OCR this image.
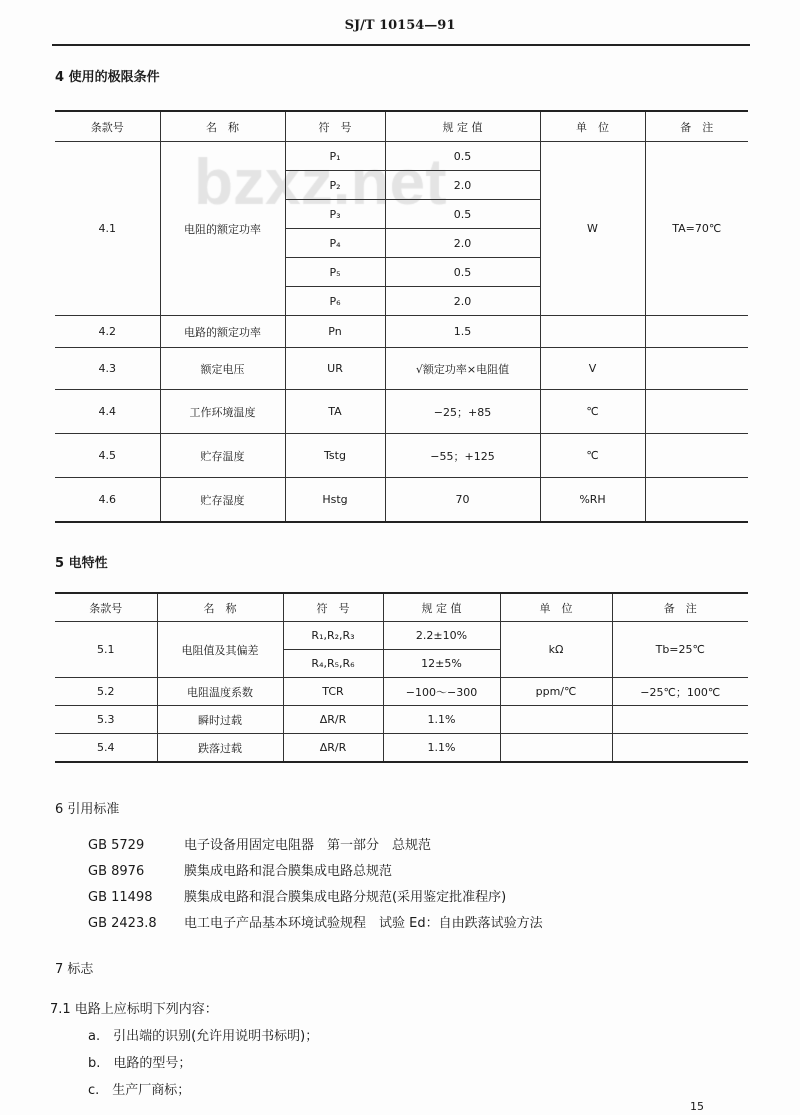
SJ/T 10154—91
4 使用的极限条件
条款号	名　称	符　号	规 定 值	单　位	备　注
4.1	电阻的额定功率	P₁	0.5	W	TA=70℃
		P₂	2.0		
		P₃	0.5		
		P₄	2.0		
		P₅	0.5		
		P₆	2.0		
4.2	电路的额定功率	Pn	1.5		
4.3	额定电压	UR	√额定功率×电阻值	V	
4.4	工作环境温度	TA	−25；+85	℃	
4.5	贮存温度	Tstg	−55；+125	℃	
4.6	贮存湿度	Hstg	70	%RH	
5 电特性
条款号	名　称	符　号	规 定 值	单　位	备　注
5.1	电阻值及其偏差	R₁,R₂,R₃	2.2±10%	kΩ	Tb=25℃
		R₄,R₅,R₆	12±5%		
5.2	电阻温度系数	TCR	−100～−300	ppm/℃	−25℃；100℃
5.3	瞬时过载	ΔR/R	1.1%		
5.4	跌落过载	ΔR/R	1.1%		
6 引用标准
GB 5729	电子设备用固定电阻器　第一部分　总规范
GB 8976	膜集成电路和混合膜集成电路总规范
GB 11498 膜集成电路和混合膜集成电路分规范(采用鉴定批准程序)
GB 2423.8 电工电子产品基本环境试验规程　试验 Ed：自由跌落试验方法
7 标志
7.1 电路上应标明下列内容：
a.　引出端的识别(允许用说明书标明)；
b.　电路的型号；
c.　生产厂商标；
15
